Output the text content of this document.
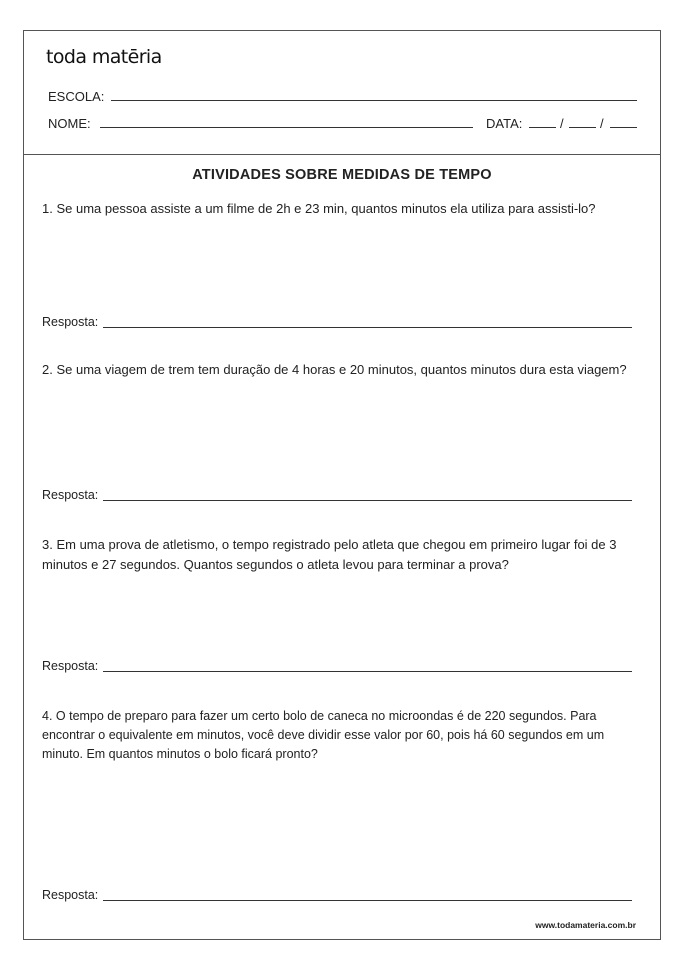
toda matēria
ESCOLA:
NOME:	DATA:	/	/
ATIVIDADES SOBRE MEDIDAS DE TEMPO
1. Se uma pessoa assiste a um filme de 2h e 23 min, quantos minutos ela utiliza para assisti-lo?
Resposta:
2. Se uma viagem de trem tem duração de 4 horas e 20 minutos, quantos minutos dura esta viagem?
Resposta:
3. Em uma prova de atletismo, o tempo registrado pelo atleta que chegou em primeiro lugar foi de 3 minutos e 27 segundos. Quantos segundos o atleta levou para terminar a prova?
Resposta:
4. O tempo de preparo para fazer um certo bolo de caneca no microondas é de 220 segundos. Para encontrar o equivalente em minutos, você deve dividir esse valor por 60, pois há 60 segundos em um minuto. Em quantos minutos o bolo ficará pronto?
Resposta:
www.todamateria.com.br
